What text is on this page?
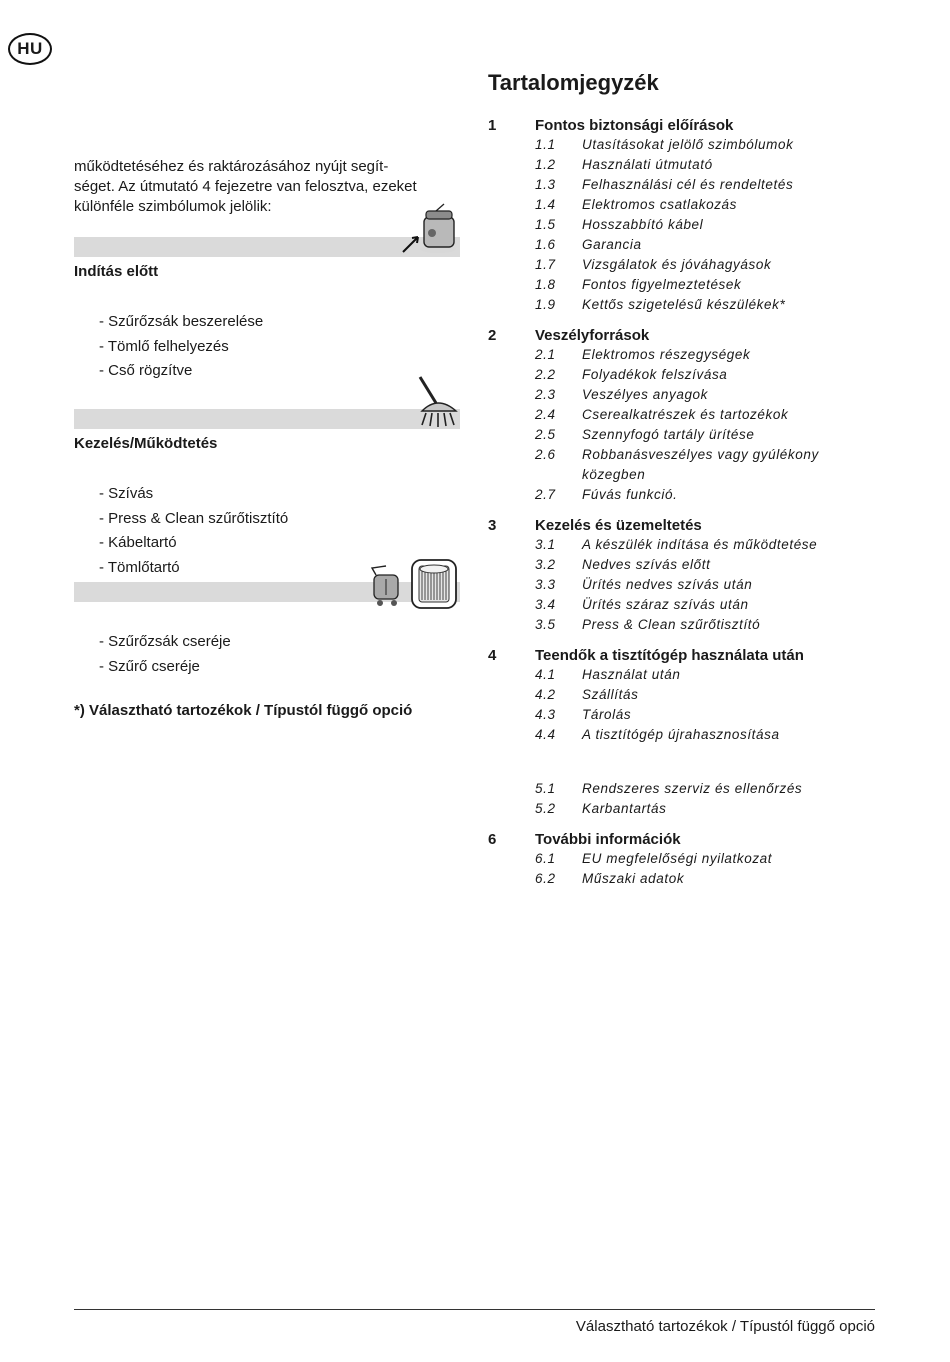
HU
működtetéséhez és raktározásához nyújt segít-
séget. Az útmutató 4 fejezetre van felosztva, ezeket
különféle szimbólumok jelölik:
Indítás előtt
- Szűrőzsák beszerelése
- Tömlő felhelyezés
- Cső rögzítve
Kezelés/Működtetés
- Szívás
- Press & Clean szűrőtisztító
- Kábeltartó
- Tömlőtartó
- Szűrőzsák cseréje
- Szűrő cseréje
*) Választható tartozékok / Típustól függő opció
Tartalomjegyzék
1	Fontos biztonsági előírások
1.1	Utasításokat jelölő szimbólumok
1.2	Használati útmutató
1.3	Felhasználási cél és rendeltetés
1.4	Elektromos csatlakozás
1.5	Hosszabbító kábel
1.6	Garancia
1.7	Vizsgálatok és jóváhagyások
1.8	Fontos figyelmeztetések
1.9	Kettős szigetelésű készülékek*
2	Veszélyforrások
2.1	Elektromos részegységek
2.2	Folyadékok felszívása
2.3	Veszélyes anyagok
2.4	Cserealkatrészek és tartozékok
2.5	Szennyfogó tartály ürítése
2.6	Robbanásveszélyes vagy gyúlékony közegben
2.7	Fúvás funkció.
3	Kezelés és üzemeltetés
3.1	A készülék indítása és működtetése
3.2	Nedves szívás előtt
3.3	Ürítés nedves szívás után
3.4	Ürítés száraz szívás után
3.5	Press & Clean szűrőtisztító
4	Teendők a tisztítógép használata után
4.1	Használat után
4.2	Szállítás
4.3	Tárolás
4.4	A tisztítógép újrahasznosítása
5.1	Rendszeres szerviz és ellenőrzés
5.2	Karbantartás
6	További információk
6.1	EU megfelelőségi nyilatkozat
6.2	Műszaki adatok
Választható tartozékok / Típustól függő opció
